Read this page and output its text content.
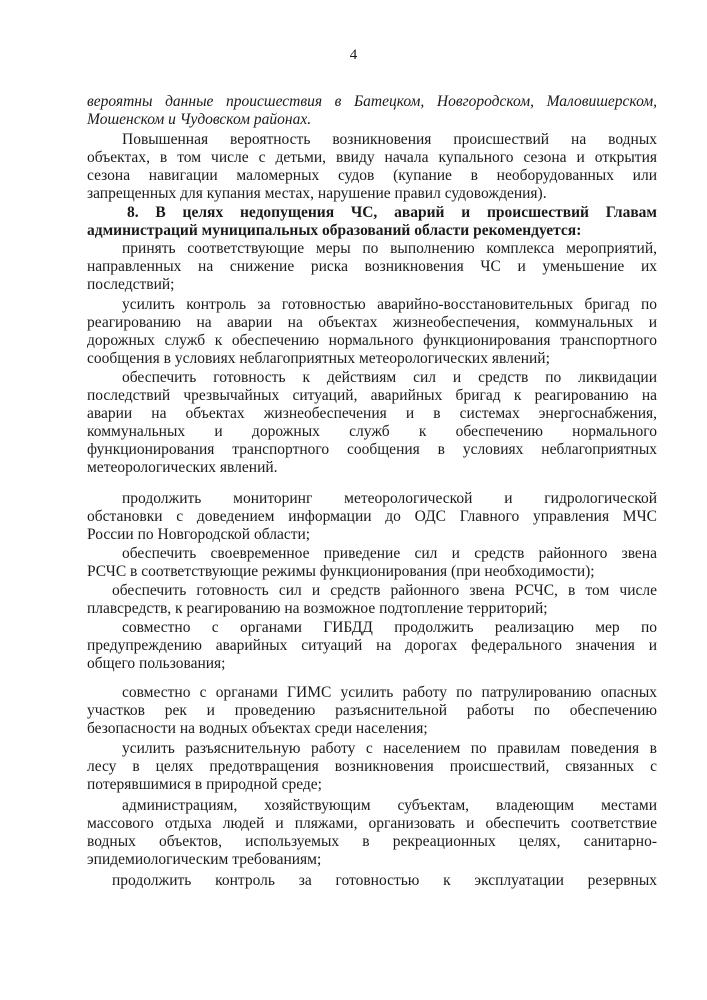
4
вероятны данные происшествия в Батецком, Новгородском, Маловишерском,
Мошенском и Чудовском районах.
Повышенная вероятность возникновения происшествий на водных
объектах, в том числе с детьми, ввиду начала купального сезона и открытия
сезона навигации маломерных судов (купание в необорудованных или
запрещенных для купания местах, нарушение правил судовождения).
8. В целях недопущения ЧС, аварий и происшествий Главам
администраций муниципальных образований области рекомендуется:
принять соответствующие меры по выполнению комплекса мероприятий,
направленных на снижение риска возникновения ЧС и уменьшение их
последствий;
усилить контроль за готовностью аварийно-восстановительных бригад по
реагированию на аварии на объектах жизнеобеспечения, коммунальных и
дорожных служб к обеспечению нормального функционирования транспортного
сообщения в условиях неблагоприятных метеорологических явлений;
обеспечить готовность к действиям сил и средств по ликвидации
последствий чрезвычайных ситуаций, аварийных бригад к реагированию на
аварии на объектах жизнеобеспечения и в системах энергоснабжения,
коммунальных и дорожных служб к обеспечению нормального
функционирования транспортного сообщения в условиях неблагоприятных
метеорологических явлений.
продолжить мониторинг метеорологической и гидрологической
обстановки с доведением информации до ОДС Главного управления МЧС
России по Новгородской области;
обеспечить своевременное приведение сил и средств районного звена
РСЧС в соответствующие режимы функционирования (при необходимости);
обеспечить готовность сил и средств районного звена РСЧС, в том числе
плавсредств, к реагированию на возможное подтопление территорий;
совместно с органами ГИБДД продолжить реализацию мер по
предупреждению аварийных ситуаций на дорогах федерального значения и
общего пользования;
совместно с органами ГИМС усилить работу по патрулированию опасных
участков рек и проведению разъяснительной работы по обеспечению
безопасности на водных объектах среди населения;
усилить разъяснительную работу с населением по правилам поведения в
лесу в целях предотвращения возникновения происшествий, связанных с
потерявшимися в природной среде;
администрациям, хозяйствующим субъектам, владеющим местами
массового отдыха людей и пляжами, организовать и обеспечить соответствие
водных объектов, используемых в рекреационных целях, санитарно-
эпидемиологическим требованиям;
продолжить контроль за готовностью к эксплуатации резервных
